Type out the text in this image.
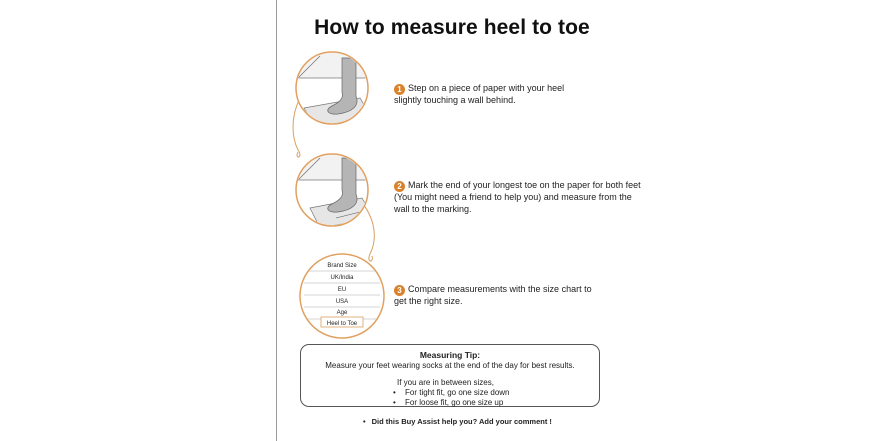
How to measure heel to toe
Brand Size
UK/India
EU
USA
Age
Heel to Toe
1 Step on a piece of paper with your heel slightly touching a wall behind.
2 Mark the end of your longest toe on the paper for both feet (You might need a friend to help you) and measure from the wall to the marking.
3 Compare measurements with the size chart to get the right size.
Measuring Tip:
Measure your feet wearing socks at the end of the day for best results.
If you are in between sizes,
• For tight fit, go one size down
• For loose fit, go one size up
• Did this Buy Assist help you? Add your comment !
